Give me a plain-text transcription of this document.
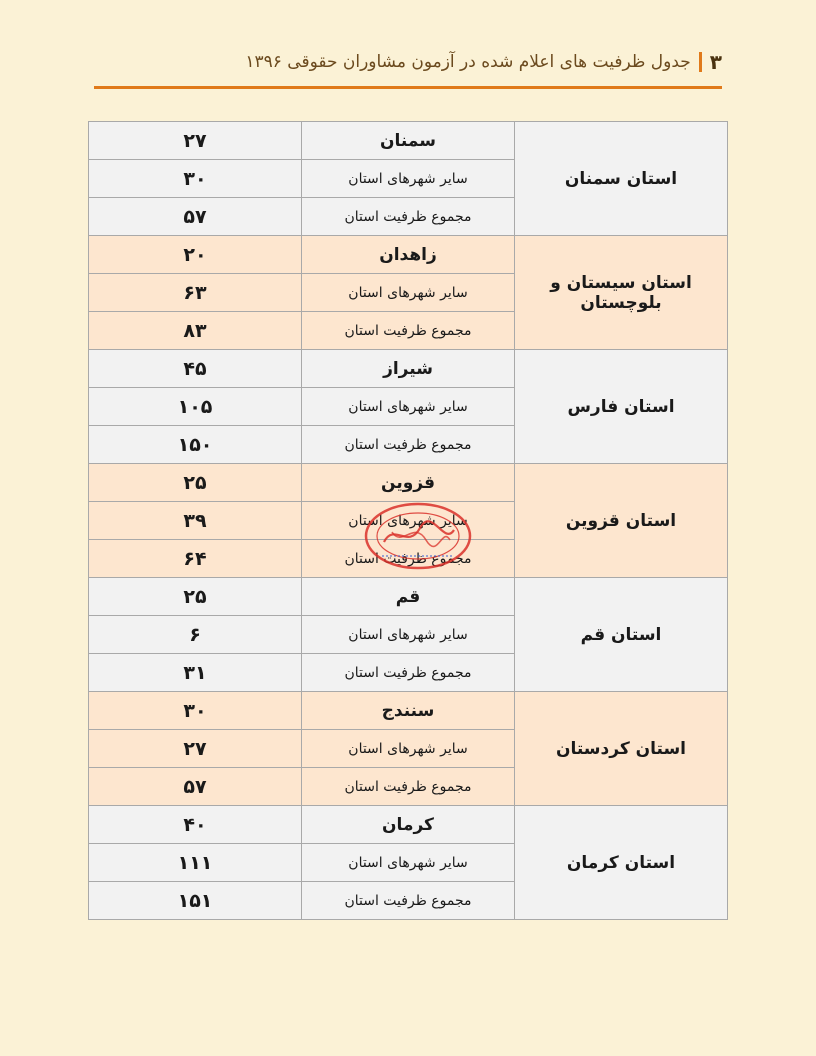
۳
جدول ظرفیت های اعلام شده در آزمون مشاوران حقوقی ۱۳۹۶
استان سمنان	سمنان	۲۷
	سایر شهرهای استان	۳۰
	مجموع ظرفیت استان	۵۷
استان سیستان و بلوچستان	زاهدان	۲۰
	سایر شهرهای استان	۶۳
	مجموع ظرفیت استان	۸۳
استان فارس	شیراز	۴۵
	سایر شهرهای استان	۱۰۵
	مجموع ظرفیت استان	۱۵۰
استان قزوین	قزوین	۲۵
	سایر شهرهای استان	۳۹
	مجموع ظرفیت استان	۶۴
استان قم	قم	۲۵
	سایر شهرهای استان	۶
	مجموع ظرفیت استان	۳۱
استان کردستان	سنندج	۳۰
	سایر شهرهای استان	۲۷
	مجموع ظرفیت استان	۵۷
استان کرمان	کرمان	۴۰
	سایر شهرهای استان	۱۱۱
	مجموع ظرفیت استان	۱۵۱
